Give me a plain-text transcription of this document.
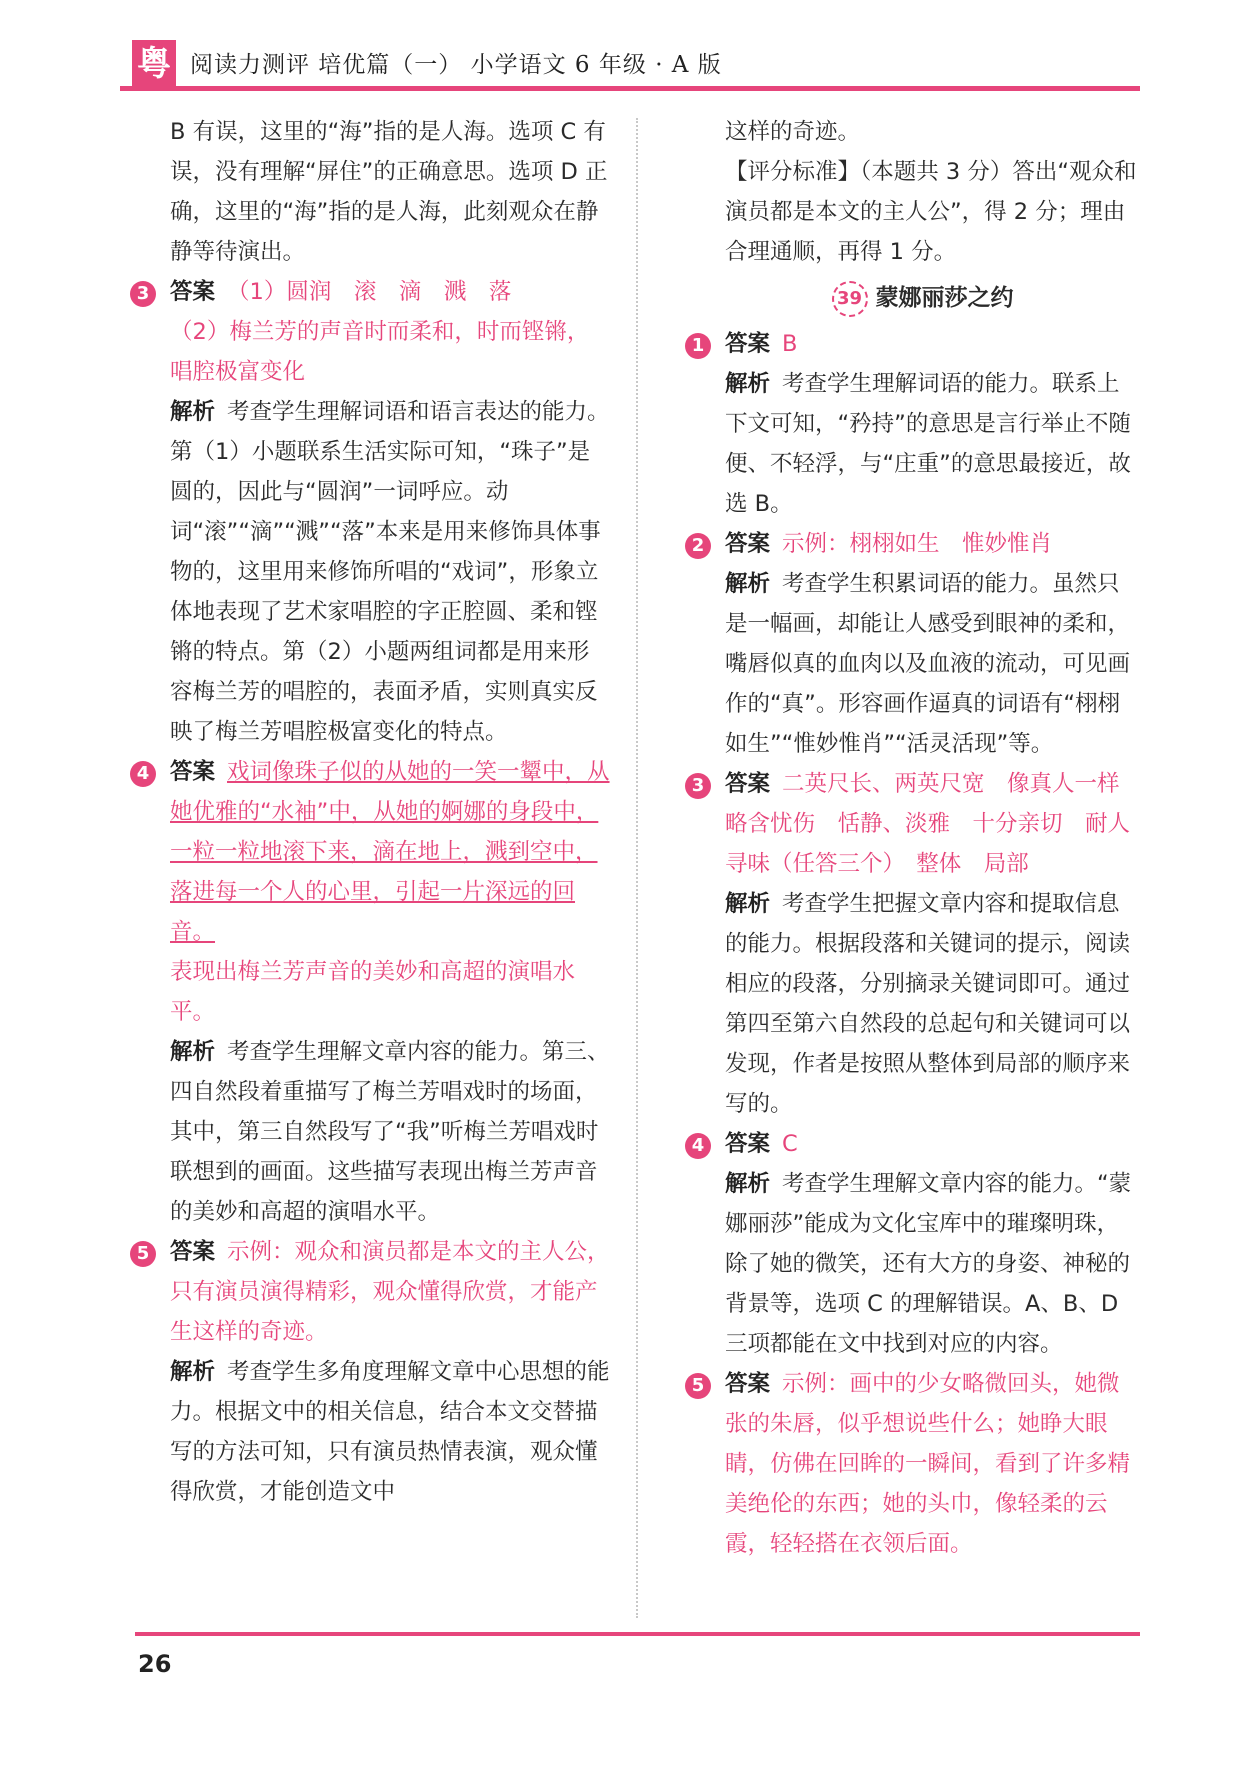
粤 阅读力测评 培优篇（一） 小学语文 6 年级 · A 版

B 有误，这里的“海”指的是人海。选项 C 有误，没有理解“屏住”的正确意思。选项 D 正确，这里的“海”指的是人海，此刻观众在静静等待演出。

3 答案 （1）圆润　滚　滴　溅　落

（2）梅兰芳的声音时而柔和，时而铿锵，唱腔极富变化

解析 考查学生理解词语和语言表达的能力。第（1）小题联系生活实际可知，“珠子”是圆的，因此与“圆润”一词呼应。动词“滚”“滴”“溅”“落”本来是用来修饰具体事物的，这里用来修饰所唱的“戏词”，形象立体地表现了艺术家唱腔的字正腔圆、柔和铿锵的特点。第（2）小题两组词都是用来形容梅兰芳的唱腔的，表面矛盾，实则真实反映了梅兰芳唱腔极富变化的特点。

4 答案 戏词像珠子似的从她的一笑一颦中，从她优雅的“水袖”中，从她的婀娜的身段中，一粒一粒地滚下来，滴在地上，溅到空中，落进每一个人的心里，引起一片深远的回音。

表现出梅兰芳声音的美妙和高超的演唱水平。

解析 考查学生理解文章内容的能力。第三、四自然段着重描写了梅兰芳唱戏时的场面，其中，第三自然段写了“我”听梅兰芳唱戏时联想到的画面。这些描写表现出梅兰芳声音的美妙和高超的演唱水平。

5 答案 示例：观众和演员都是本文的主人公，只有演员演得精彩，观众懂得欣赏，才能产生这样的奇迹。

解析 考查学生多角度理解文章中心思想的能力。根据文中的相关信息，结合本文交替描写的方法可知，只有演员热情表演，观众懂得欣赏，才能创造文中

这样的奇迹。

【评分标准】（本题共 3 分）答出“观众和演员都是本文的主人公”，得 2 分；理由合理通顺，再得 1 分。

39 蒙娜丽莎之约
1 答案 B

解析 考查学生理解词语的能力。联系上下文可知，“矜持”的意思是言行举止不随便、不轻浮，与“庄重”的意思最接近，故选 B。

2 答案 示例：栩栩如生　惟妙惟肖

解析 考查学生积累词语的能力。虽然只是一幅画，却能让人感受到眼神的柔和，嘴唇似真的血肉以及血液的流动，可见画作的“真”。形容画作逼真的词语有“栩栩如生”“惟妙惟肖”“活灵活现”等。

3 答案 二英尺长、两英尺宽　像真人一样　略含忧伤　恬静、淡雅　十分亲切　耐人寻味（任答三个）　整体　局部

解析 考查学生把握文章内容和提取信息的能力。根据段落和关键词的提示，阅读相应的段落，分别摘录关键词即可。通过第四至第六自然段的总起句和关键词可以发现，作者是按照从整体到局部的顺序来写的。

4 答案 C

解析 考查学生理解文章内容的能力。“蒙娜丽莎”能成为文化宝库中的璀璨明珠，除了她的微笑，还有大方的身姿、神秘的背景等，选项 C 的理解错误。A、B、D 三项都能在文中找到对应的内容。

5 答案 示例：画中的少女略微回头，她微张的朱唇，似乎想说些什么；她睁大眼睛，仿佛在回眸的一瞬间，看到了许多精美绝伦的东西；她的头巾，像轻柔的云霞，轻轻搭在衣领后面。

26
